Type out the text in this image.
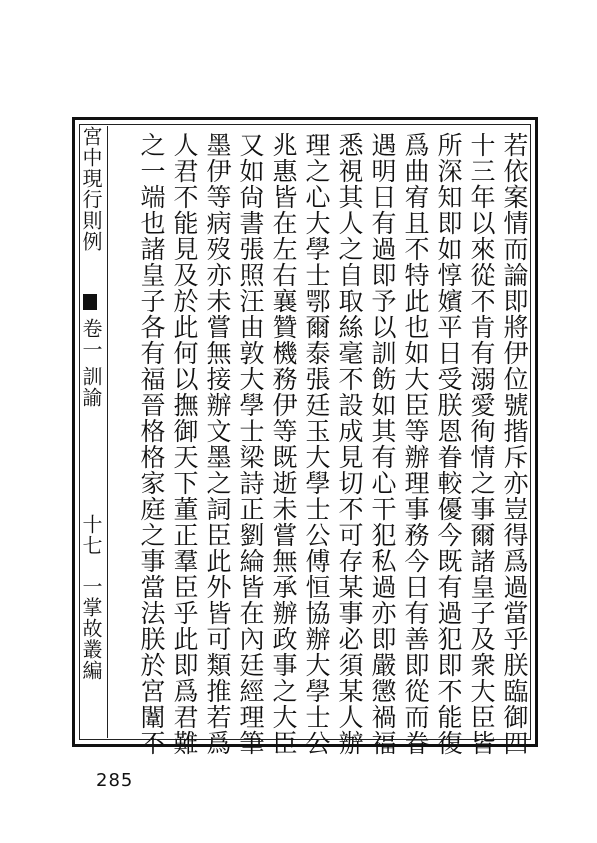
宮中現行則例
卷一
訓諭
十七
一掌故叢編	若依案情而論即將伊位號揩斥亦豈得爲過當乎朕臨御四
十三年以來從不肯有溺愛徇情之事爾諸皇子及衆大臣皆
所深知即如惇嬪平日受朕恩眷較優今既有過犯即不能復
爲曲宥且不特此也如大臣等辦理事務今日有善即從而眷
遇明日有過即予以訓飭如其有心干犯私過亦即嚴懲禍福
悉視其人之自取絲毫不設成見切不可存某事必須某人辦
理之心大學士鄂爾泰張廷玉大學士公傅恒協辦大學士公
兆惠皆在左右襄贊機務伊等既逝未嘗無承辦政事之大臣
又如尙書張照汪由敦大學士梁詩正劉綸皆在內廷經理筆
墨伊等病歿亦未嘗無接辦文墨之詞臣此外皆可類推若爲
人君不能見及於此何以撫御天下董正羣臣乎此即爲君難
之一端也諸皇子各有福晉格格家庭之事當法朕於宮闈不
285
